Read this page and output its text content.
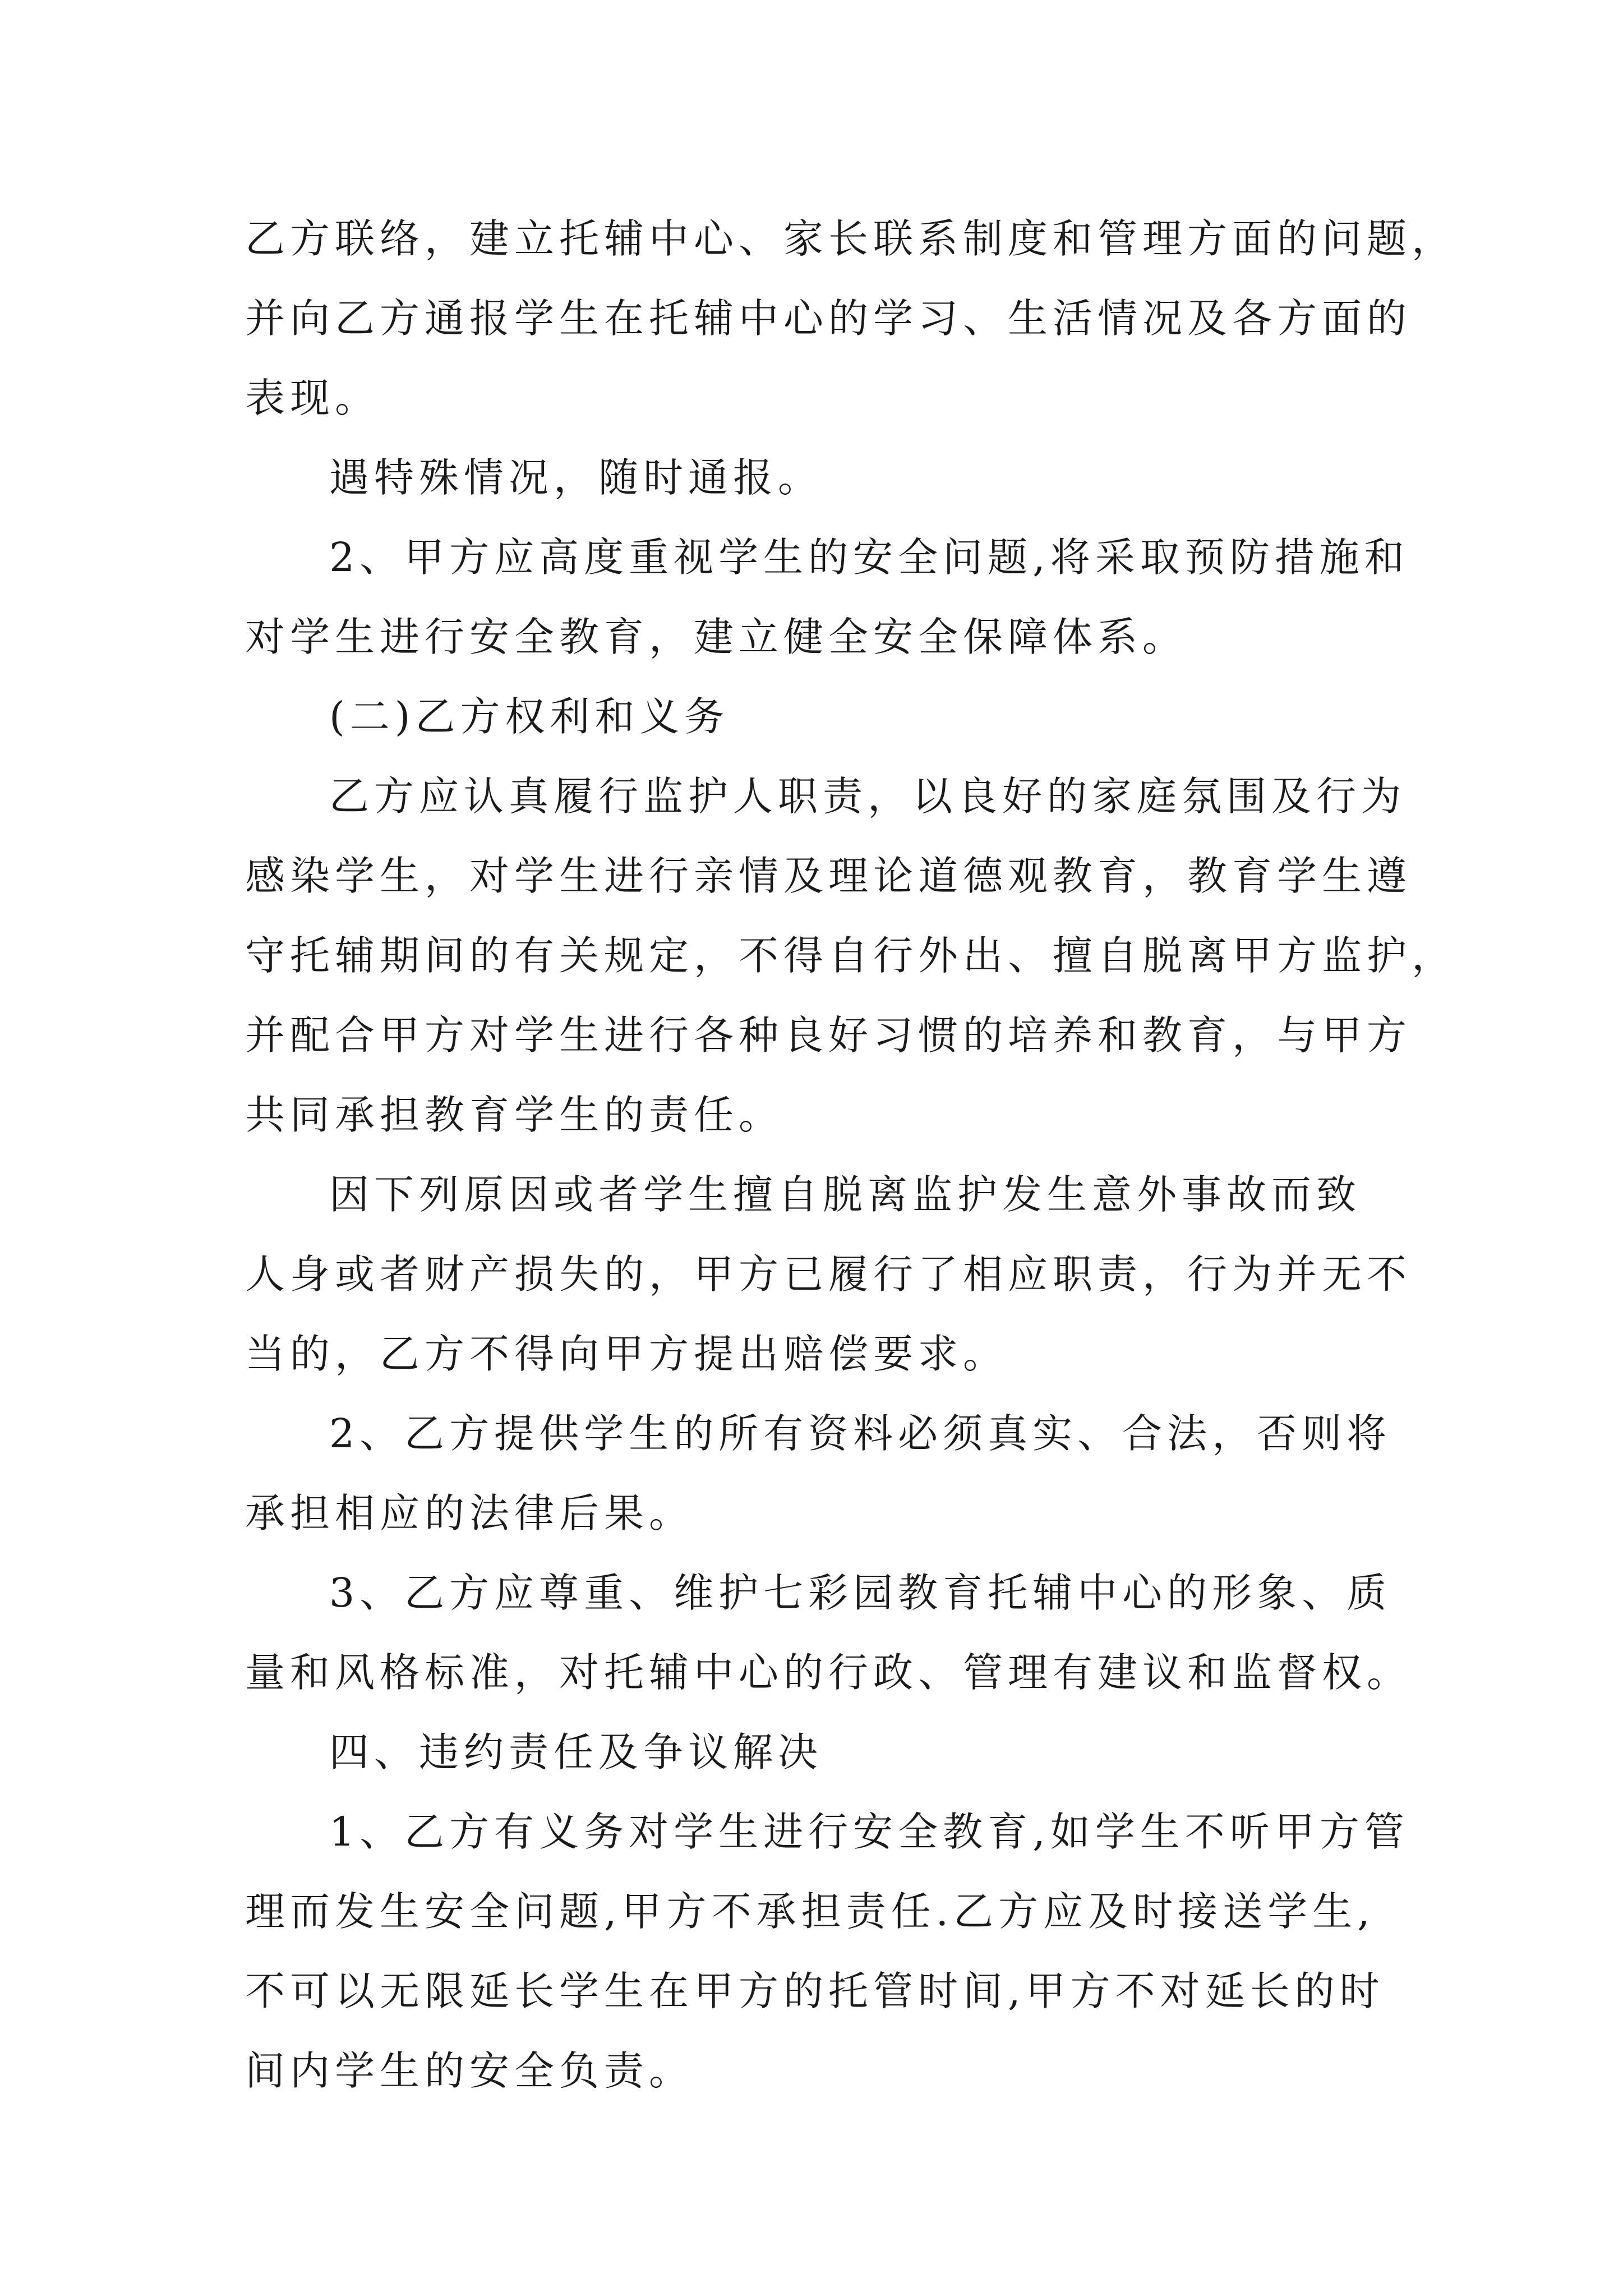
乙方联络，建立托辅中心、家长联系制度和管理方面的问题，
并向乙方通报学生在托辅中心的学习、生活情况及各方面的
表现。
遇特殊情况，随时通报。
2、甲方应高度重视学生的安全问题,将采取预防措施和
对学生进行安全教育，建立健全安全保障体系。
(二)乙方权利和义务
乙方应认真履行监护人职责，以良好的家庭氛围及行为
感染学生，对学生进行亲情及理论道德观教育，教育学生遵
守托辅期间的有关规定，不得自行外出、擅自脱离甲方监护，
并配合甲方对学生进行各种良好习惯的培养和教育，与甲方
共同承担教育学生的责任。
因下列原因或者学生擅自脱离监护发生意外事故而致
人身或者财产损失的，甲方已履行了相应职责，行为并无不
当的，乙方不得向甲方提出赔偿要求。
2、乙方提供学生的所有资料必须真实、合法，否则将
承担相应的法律后果。
3、乙方应尊重、维护七彩园教育托辅中心的形象、质
量和风格标准，对托辅中心的行政、管理有建议和监督权。
四、违约责任及争议解决
1、乙方有义务对学生进行安全教育,如学生不听甲方管
理而发生安全问题,甲方不承担责任.乙方应及时接送学生,
不可以无限延长学生在甲方的托管时间,甲方不对延长的时
间内学生的安全负责。
